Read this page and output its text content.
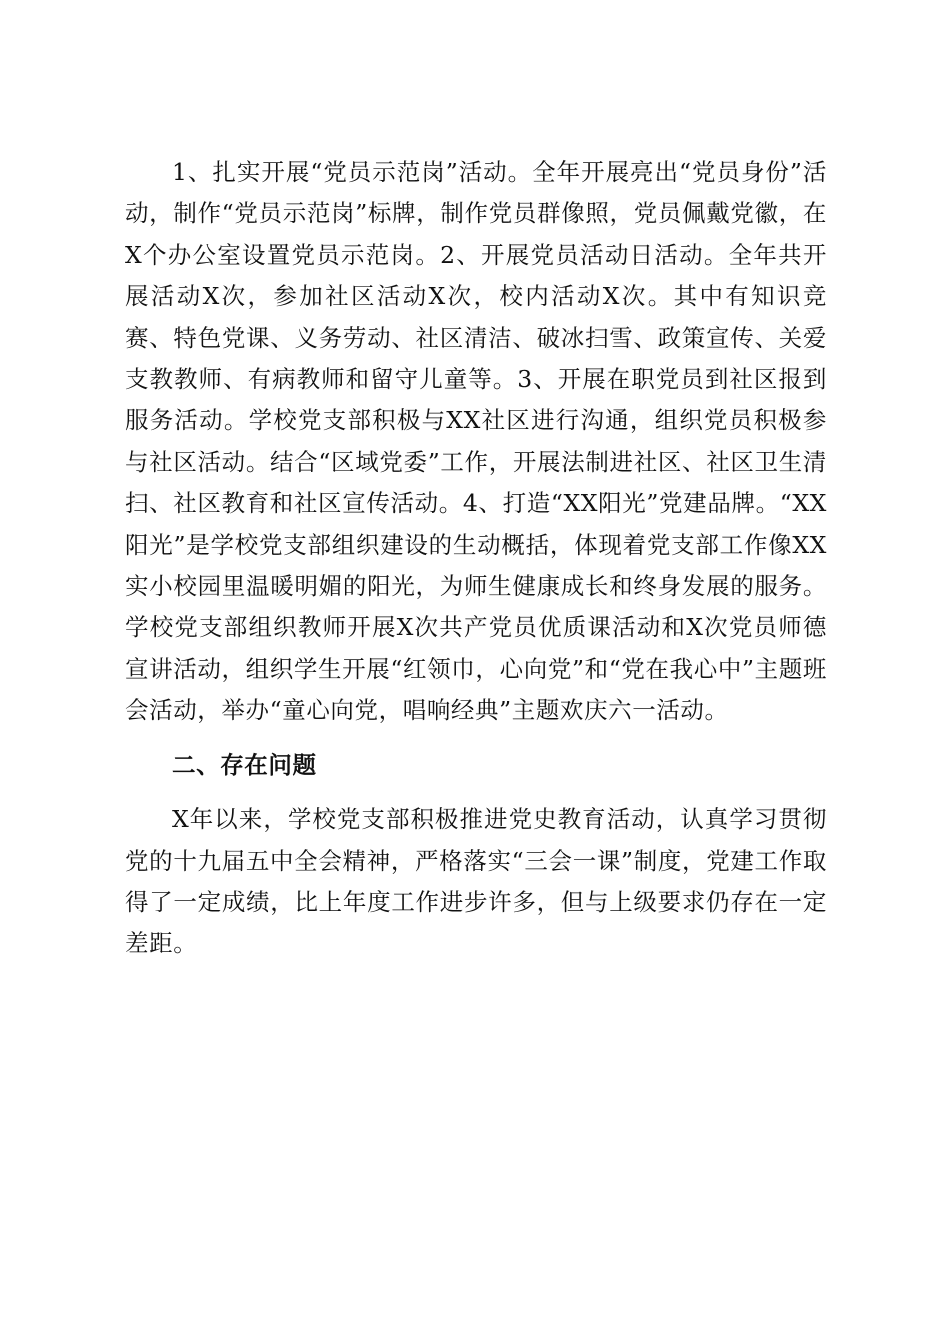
1、扎实开展“党员示范岗”活动。全年开展亮出“党员身份”活动，制作“党员示范岗”标牌，制作党员群像照，党员佩戴党徽，在X个办公室设置党员示范岗。2、开展党员活动日活动。全年共开展活动X次，参加社区活动X次，校内活动X次。其中有知识竞赛、特色党课、义务劳动、社区清洁、破冰扫雪、政策宣传、关爱支教教师、有病教师和留守儿童等。3、开展在职党员到社区报到服务活动。学校党支部积极与XX社区进行沟通，组织党员积极参与社区活动。结合“区域党委”工作，开展法制进社区、社区卫生清扫、社区教育和社区宣传活动。4、打造“XX阳光”党建品牌。“XX阳光”是学校党支部组织建设的生动概括，体现着党支部工作像XX实小校园里温暖明媚的阳光，为师生健康成长和终身发展的服务。学校党支部组织教师开展X次共产党员优质课活动和X次党员师德宣讲活动，组织学生开展“红领巾，心向党”和“党在我心中”主题班会活动，举办“童心向党，唱响经典”主题欢庆六一活动。

二、存在问题

X年以来，学校党支部积极推进党史教育活动，认真学习贯彻党的十九届五中全会精神，严格落实“三会一课”制度，党建工作取得了一定成绩，比上年度工作进步许多，但与上级要求仍存在一定差距。
